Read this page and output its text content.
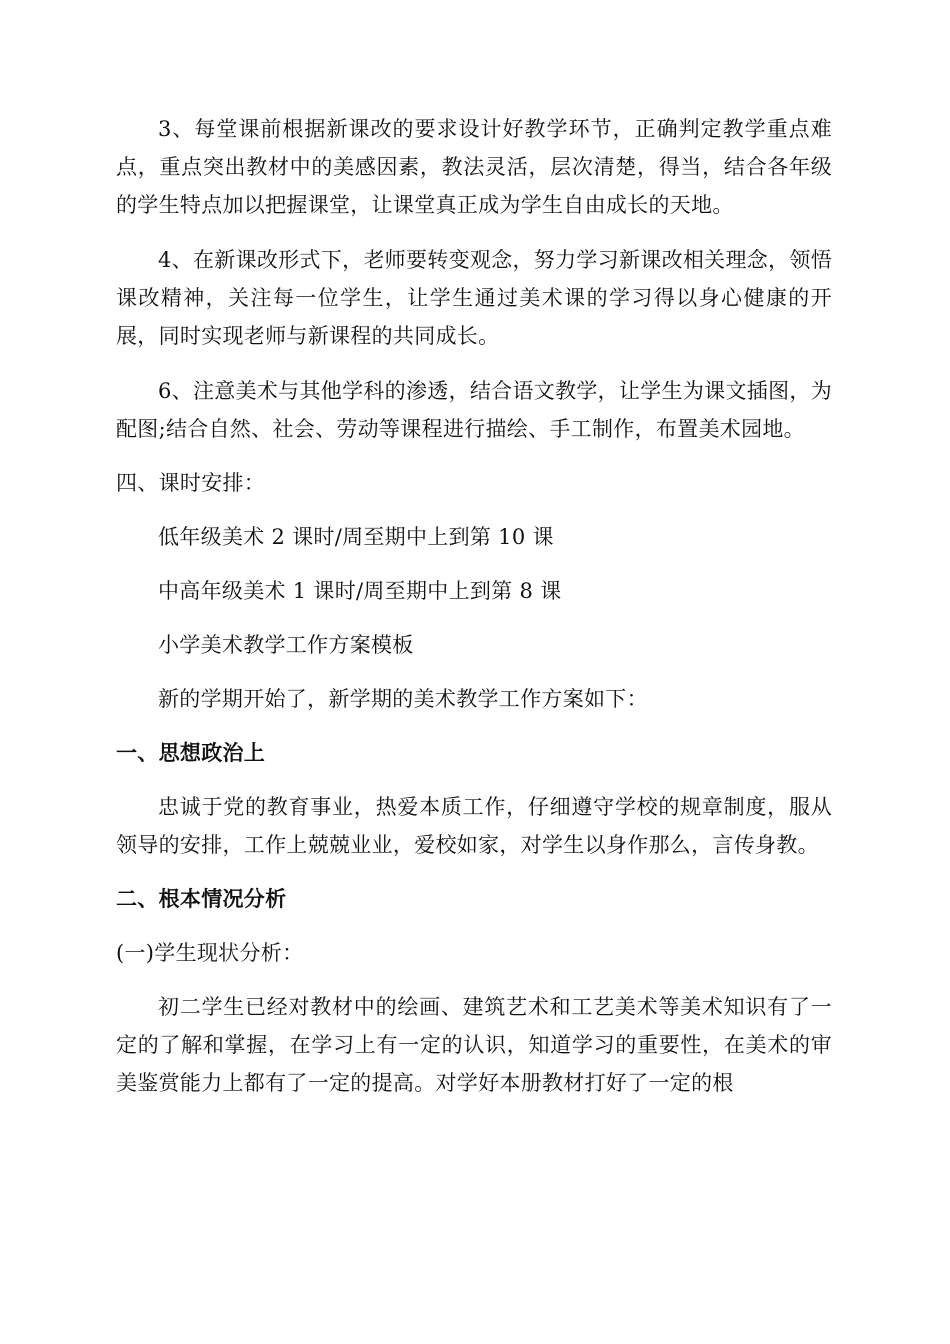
3、每堂课前根据新课改的要求设计好教学环节，正确判定教学重点难点，重点突出教材中的美感因素，教法灵活，层次清楚，得当，结合各年级的学生特点加以把握课堂，让课堂真正成为学生自由成长的天地。

4、在新课改形式下，老师要转变观念，努力学习新课改相关理念，领悟课改精神，关注每一位学生，让学生通过美术课的学习得以身心健康的开展，同时实现老师与新课程的共同成长。

6、注意美术与其他学科的渗透，结合语文教学，让学生为课文插图，为配图;结合自然、社会、劳动等课程进行描绘、手工制作，布置美术园地。

四、课时安排：

低年级美术 2 课时/周至期中上到第 10 课

中高年级美术 1 课时/周至期中上到第 8 课

小学美术教学工作方案模板

新的学期开始了，新学期的美术教学工作方案如下：

一、思想政治上

忠诚于党的教育事业，热爱本质工作，仔细遵守学校的规章制度，服从领导的安排，工作上兢兢业业，爱校如家，对学生以身作那么，言传身教。

二、根本情况分析

(一)学生现状分析：

初二学生已经对教材中的绘画、建筑艺术和工艺美术等美术知识有了一定的了解和掌握，在学习上有一定的认识，知道学习的重要性，在美术的审美鉴赏能力上都有了一定的提高。对学好本册教材打好了一定的根
